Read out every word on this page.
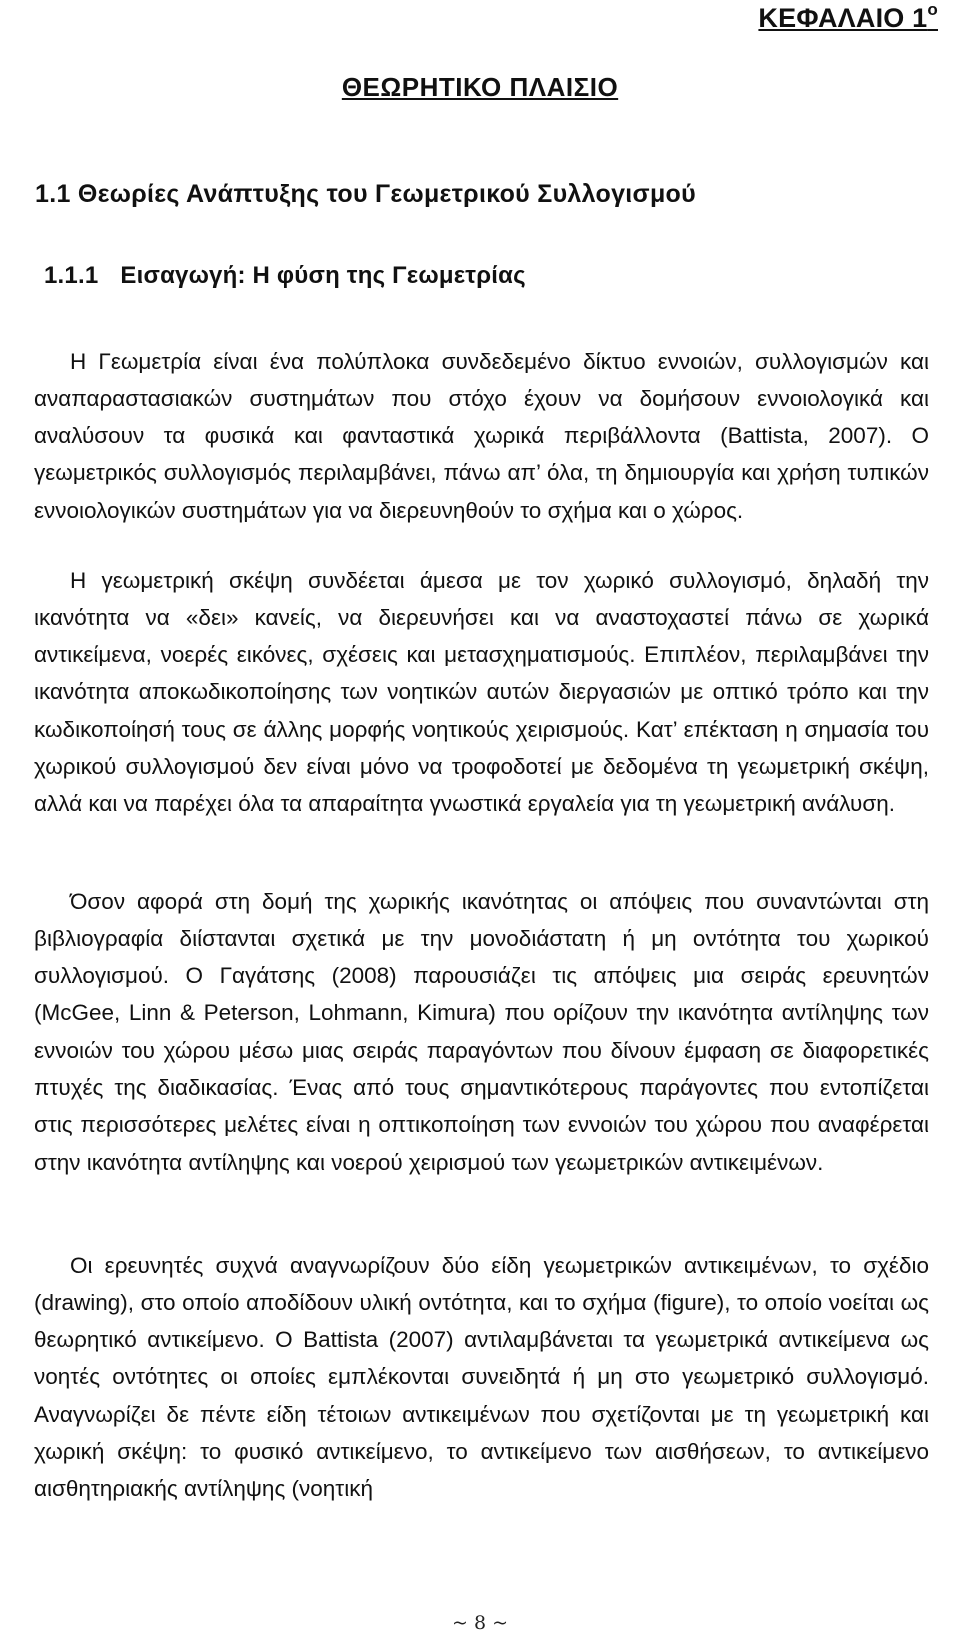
ΚΕΦΑΛΑΙΟ $1^o$
ΘΕΩΡΗΤΙΚΟ ΠΛΑΙΣΙΟ
1.1 Θεωρίες Ανάπτυξης του Γεωμετρικού Συλλογισμού
1.1.1 Εισαγωγή: Η φύση της Γεωμετρίας

Η Γεωμετρία είναι ένα πολύπλοκα συνδεδεμένο δίκτυο εννοιών, συλλογισμών και αναπαραστασιακών συστημάτων που στόχο έχουν να δομήσουν εννοιολογικά και αναλύσουν τα φυσικά και φανταστικά χωρικά περιβάλλοντα (Battista, 2007). Ο γεωμετρικός συλλογισμός περιλαμβάνει, πάνω απ’ όλα, τη δημιουργία και χρήση τυπικών εννοιολογικών συστημάτων για να διερευνηθούν το σχήμα και ο χώρος.

Η γεωμετρική σκέψη συνδέεται άμεσα με τον χωρικό συλλογισμό, δηλαδή την ικανότητα να «δει» κανείς, να διερευνήσει και να αναστοχαστεί πάνω σε χωρικά αντικείμενα, νοερές εικόνες, σχέσεις και μετασχηματισμούς. Επιπλέον, περιλαμβάνει την ικανότητα αποκωδικοποίησης των νοητικών αυτών διεργασιών με οπτικό τρόπο και την κωδικοποίησή τους σε άλλης μορφής νοητικούς χειρισμούς. Κατ’ επέκταση η σημασία του χωρικού συλλογισμού δεν είναι μόνο να τροφοδοτεί με δεδομένα τη γεωμετρική σκέψη, αλλά και να παρέχει όλα τα απαραίτητα γνωστικά εργαλεία για τη γεωμετρική ανάλυση.

Όσον αφορά στη δομή της χωρικής ικανότητας οι απόψεις που συναντώνται στη βιβλιογραφία διίστανται σχετικά με την μονοδιάστατη ή μη οντότητα του χωρικού συλλογισμού. Ο Γαγάτσης (2008) παρουσιάζει τις απόψεις μια σειράς ερευνητών (McGee, Linn & Peterson, Lohmann, Kimura) που ορίζουν την ικανότητα αντίληψης των εννοιών του χώρου μέσω μιας σειράς παραγόντων που δίνουν έμφαση σε διαφορετικές πτυχές της διαδικασίας. Ένας από τους σημαντικότερους παράγοντες που εντοπίζεται στις περισσότερες μελέτες είναι η οπτικοποίηση των εννοιών του χώρου που αναφέρεται στην ικανότητα αντίληψης και νοερού χειρισμού των γεωμετρικών αντικειμένων.

Οι ερευνητές συχνά αναγνωρίζουν δύο είδη γεωμετρικών αντικειμένων, το σχέδιο (drawing), στο οποίο αποδίδουν υλική οντότητα, και το σχήμα (figure), το οποίο νοείται ως θεωρητικό αντικείμενο. Ο Battista (2007) αντιλαμβάνεται τα γεωμετρικά αντικείμενα ως νοητές οντότητες οι οποίες εμπλέκονται συνειδητά ή μη στο γεωμετρικό συλλογισμό. Αναγνωρίζει δε πέντε είδη τέτοιων αντικειμένων που σχετίζονται με τη γεωμετρική και χωρική σκέψη: το φυσικό αντικείμενο, το αντικείμενο των αισθήσεων, το αντικείμενο αισθητηριακής αντίληψης (νοητική

~ 8 ~
